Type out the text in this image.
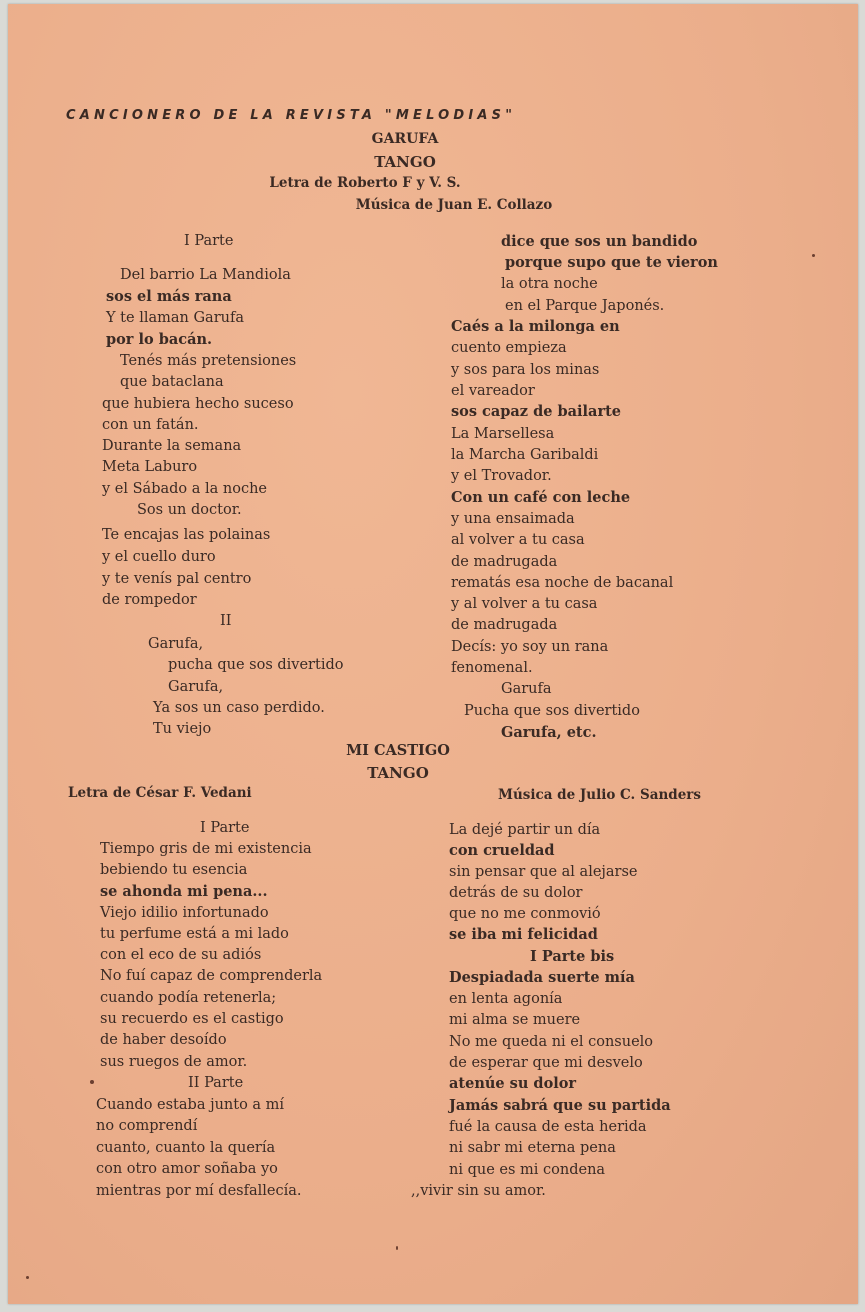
CANCIONERO DE LA REVISTA "MELODIAS"
GARUFA
TANGO
Letra de Roberto F y V. S.
Música de Juan E. Collazo
I Parte
Del barrio La Mandiola
sos el más rana
Y te llaman Garufa
por lo bacán.
Tenés más pretensiones
que bataclana
que hubiera hecho suceso
con un fatán.
Durante la semana
Meta Laburo
y el Sábado a la noche
Sos un doctor.
Te encajas las polainas
y el cuello duro
y te venís pal centro
de rompedor
II
Garufa,
pucha que sos divertido
Garufa,
Ya sos un caso perdido.
Tu viejo
dice que sos un bandido
porque supo que te vieron
la otra noche
en el Parque Japonés.
Caés a la milonga en
cuento empieza
y sos para los minas
el vareador
sos capaz de bailarte
La Marsellesa
la Marcha Garibaldi
y el Trovador.
Con un café con leche
y una ensaimada
al volver a tu casa
de madrugada
rematás esa noche de bacanal
y al volver a tu casa
de madrugada
Decís: yo soy un rana
fenomenal.
Garufa
Pucha que sos divertido
Garufa, etc.
MI CASTIGO
TANGO
Letra de César F. Vedani	Música de Julio C. Sanders
I Parte
Tiempo gris de mi existencia
bebiendo tu esencia
se ahonda mi pena...
Viejo idilio infortunado
tu perfume está a mi lado
con el eco de su adiós
No fuí capaz de comprenderla
cuando podía retenerla;
su recuerdo es el castigo
de haber desoído
sus ruegos de amor.
II Parte
Cuando estaba junto a mí
no comprendí
cuanto, cuanto la quería
con otro amor soñaba yo
mientras por mí desfallecía.
La dejé partir un día
con crueldad
sin pensar que al alejarse
detrás de su dolor
que no me conmovió
se iba mi felicidad
I Parte bis
Despiadada suerte mía
en lenta agonía
mi alma se muere
No me queda ni el consuelo
de esperar que mi desvelo
atenúe su dolor
Jamás sabrá que su partida
fué la causa de esta herida
ni sabr mi eterna pena
ni que es mi condena
,,vivir sin su amor.
